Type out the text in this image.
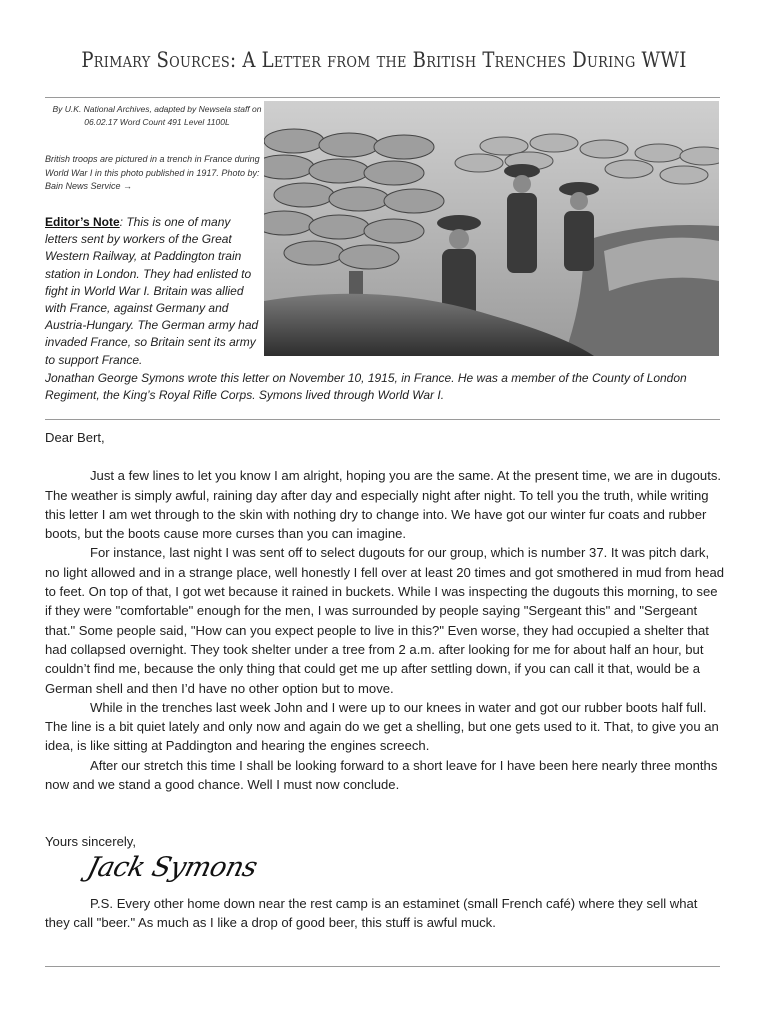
Primary Sources: A Letter from the British Trenches During WWI
By U.K. National Archives, adapted by Newsela staff on 06.02.17 Word Count 491 Level 1100L
British troops are pictured in a trench in France during World War I in this photo published in 1917. Photo by: Bain News Service →
Editor’s Note: This is one of many letters sent by workers of the Great Western Railway, at Paddington train station in London. They had enlisted to fight in World War I. Britain was allied with France, against Germany and Austria-Hungary. The German army had invaded France, so Britain sent its army to support France.
Jonathan George Symons wrote this letter on November 10, 1915, in France. He was a member of the County of London Regiment, the King’s Royal Rifle Corps. Symons lived through World War I.

Dear Bert,

Just a few lines to let you know I am alright, hoping you are the same. At the present time, we are in dugouts. The weather is simply awful, raining day after day and especially night after night. To tell you the truth, while writing this letter I am wet through to the skin with nothing dry to change into. We have got our winter fur coats and rubber boots, but the boots cause more curses than you can imagine.

For instance, last night I was sent off to select dugouts for our group, which is number 37. It was pitch dark, no light allowed and in a strange place, well honestly I fell over at least 20 times and got smothered in mud from head to feet. On top of that, I got wet because it rained in buckets. While I was inspecting the dugouts this morning, to see if they were "comfortable" enough for the men, I was surrounded by people saying "Sergeant this" and "Sergeant that." Some people said, "How can you expect people to live in this?" Even worse, they had occupied a shelter that had collapsed overnight. They took shelter under a tree from 2 a.m. after looking for me for about half an hour, but couldn’t find me, because the only thing that could get me up after settling down, if you can call it that, would be a German shell and then I’d have no other option but to move.

While in the trenches last week John and I were up to our knees in water and got our rubber boots half full. The line is a bit quiet lately and only now and again do we get a shelling, but one gets used to it. That, to give you an idea, is like sitting at Paddington and hearing the engines screech.

After our stretch this time I shall be looking forward to a short leave for I have been here nearly three months now and we stand a good chance. Well I must now conclude.

Yours sincerely,
Jack Symons

P.S. Every other home down near the rest camp is an estaminet (small French café) where they sell what they call "beer." As much as I like a drop of good beer, this stuff is awful muck.
